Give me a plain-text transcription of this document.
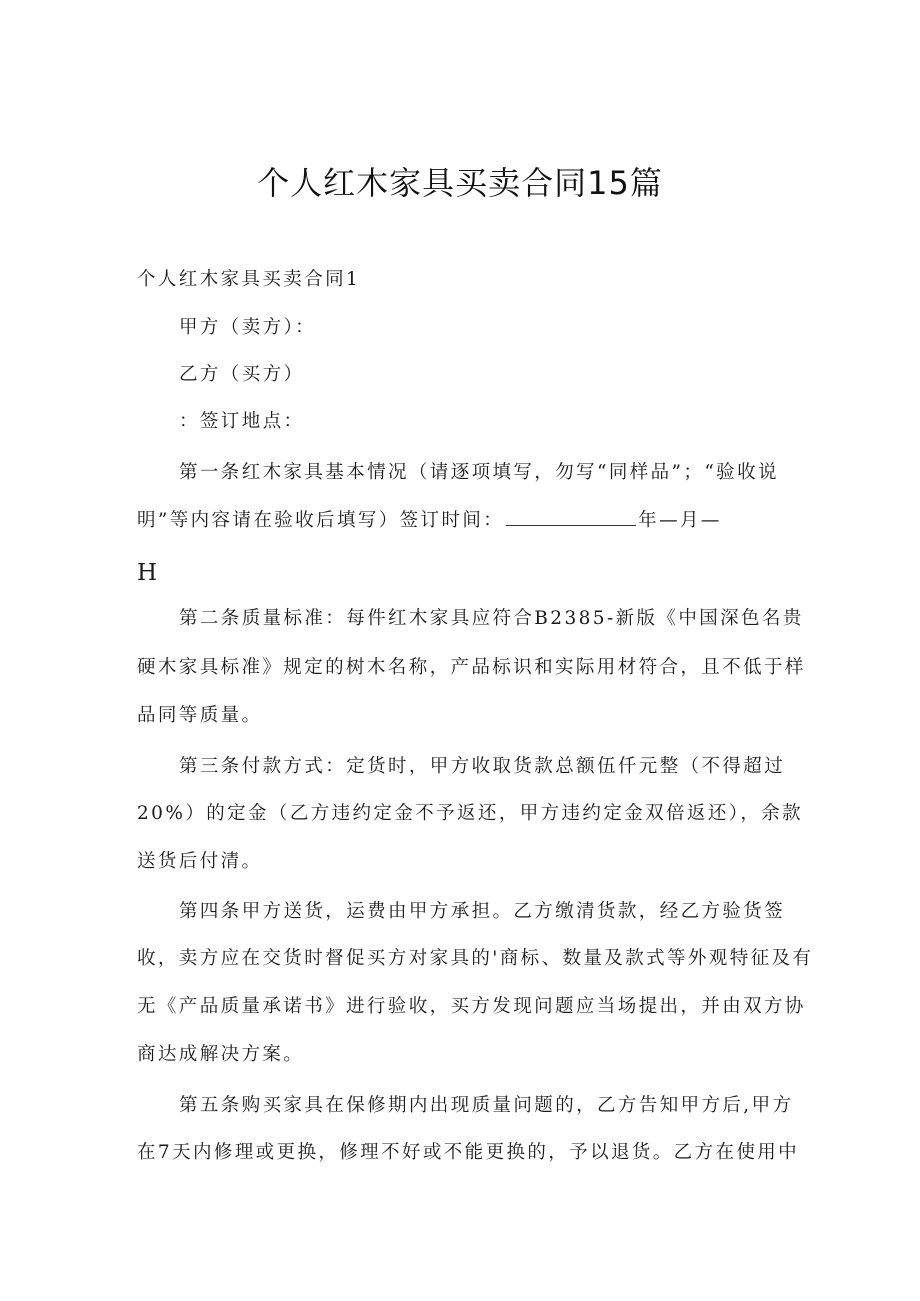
个人红木家具买卖合同15篇
个人红木家具买卖合同1
甲方（卖方）：
乙方（买方）
：签订地点：
第一条红木家具基本情况（请逐项填写，勿写“同样品”；“验收说
明”等内容请在验收后填写）签订时间：	年—月—
H
第二条质量标准：每件红木家具应符合B2385-新版《中国深色名贵
硬木家具标准》规定的树木名称，产品标识和实际用材符合，且不低于样
品同等质量。
第三条付款方式：定货时，甲方收取货款总额伍仟元整（不得超过
20%）的定金（乙方违约定金不予返还，甲方违约定金双倍返还），余款
送货后付清。
第四条甲方送货，运费由甲方承担。乙方缴清货款，经乙方验货签
收，卖方应在交货时督促买方对家具的'商标、数量及款式等外观特征及有
无《产品质量承诺书》进行验收，买方发现问题应当场提出，并由双方协
商达成解决方案。
第五条购买家具在保修期内出现质量问题的，乙方告知甲方后,甲方
在7天内修理或更换，修理不好或不能更换的，予以退货。乙方在使用中
